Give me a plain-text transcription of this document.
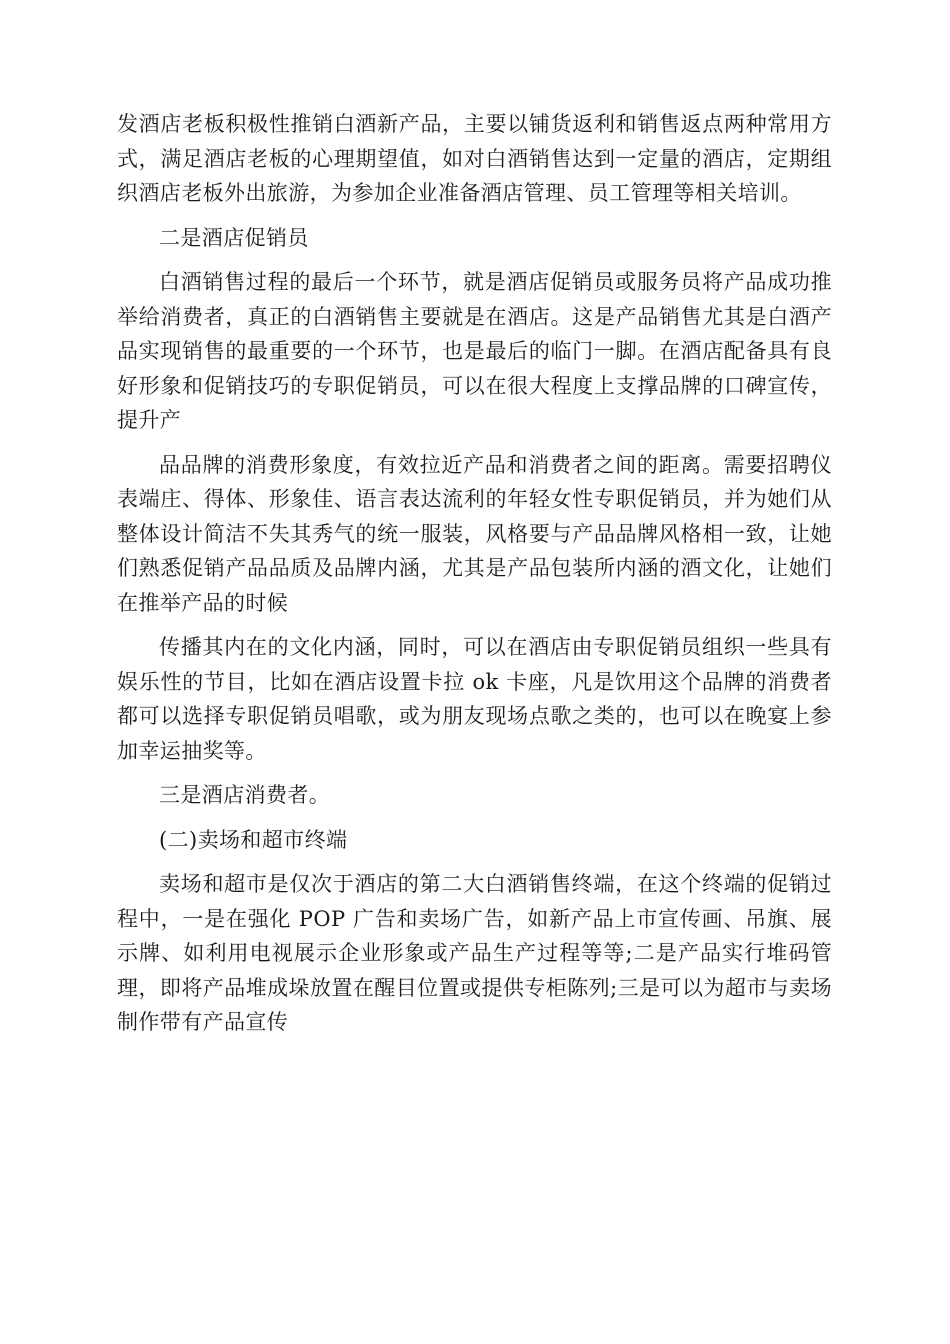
发酒店老板积极性推销白酒新产品，主要以铺货返利和销售返点两种常用方式，满足酒店老板的心理期望值，如对白酒销售达到一定量的酒店，定期组织酒店老板外出旅游，为参加企业准备酒店管理、员工管理等相关培训。

二是酒店促销员

白酒销售过程的最后一个环节，就是酒店促销员或服务员将产品成功推举给消费者，真正的白酒销售主要就是在酒店。这是产品销售尤其是白酒产品实现销售的最重要的一个环节，也是最后的临门一脚。在酒店配备具有良好形象和促销技巧的专职促销员，可以在很大程度上支撑品牌的口碑宣传，提升产

品品牌的消费形象度，有效拉近产品和消费者之间的距离。需要招聘仪表端庄、得体、形象佳、语言表达流利的年轻女性专职促销员，并为她们从整体设计简洁不失其秀气的统一服装，风格要与产品品牌风格相一致，让她们熟悉促销产品品质及品牌内涵，尤其是产品包装所内涵的酒文化，让她们在推举产品的时候

传播其内在的文化内涵，同时，可以在酒店由专职促销员组织一些具有娱乐性的节目，比如在酒店设置卡拉 ok 卡座，凡是饮用这个品牌的消费者都可以选择专职促销员唱歌，或为朋友现场点歌之类的，也可以在晚宴上参加幸运抽奖等。

三是酒店消费者。

(二)卖场和超市终端

卖场和超市是仅次于酒店的第二大白酒销售终端，在这个终端的促销过程中，一是在强化 POP 广告和卖场广告，如新产品上市宣传画、吊旗、展示牌、如利用电视展示企业形象或产品生产过程等等;二是产品实行堆码管理，即将产品堆成垛放置在醒目位置或提供专柜陈列;三是可以为超市与卖场制作带有产品宣传
